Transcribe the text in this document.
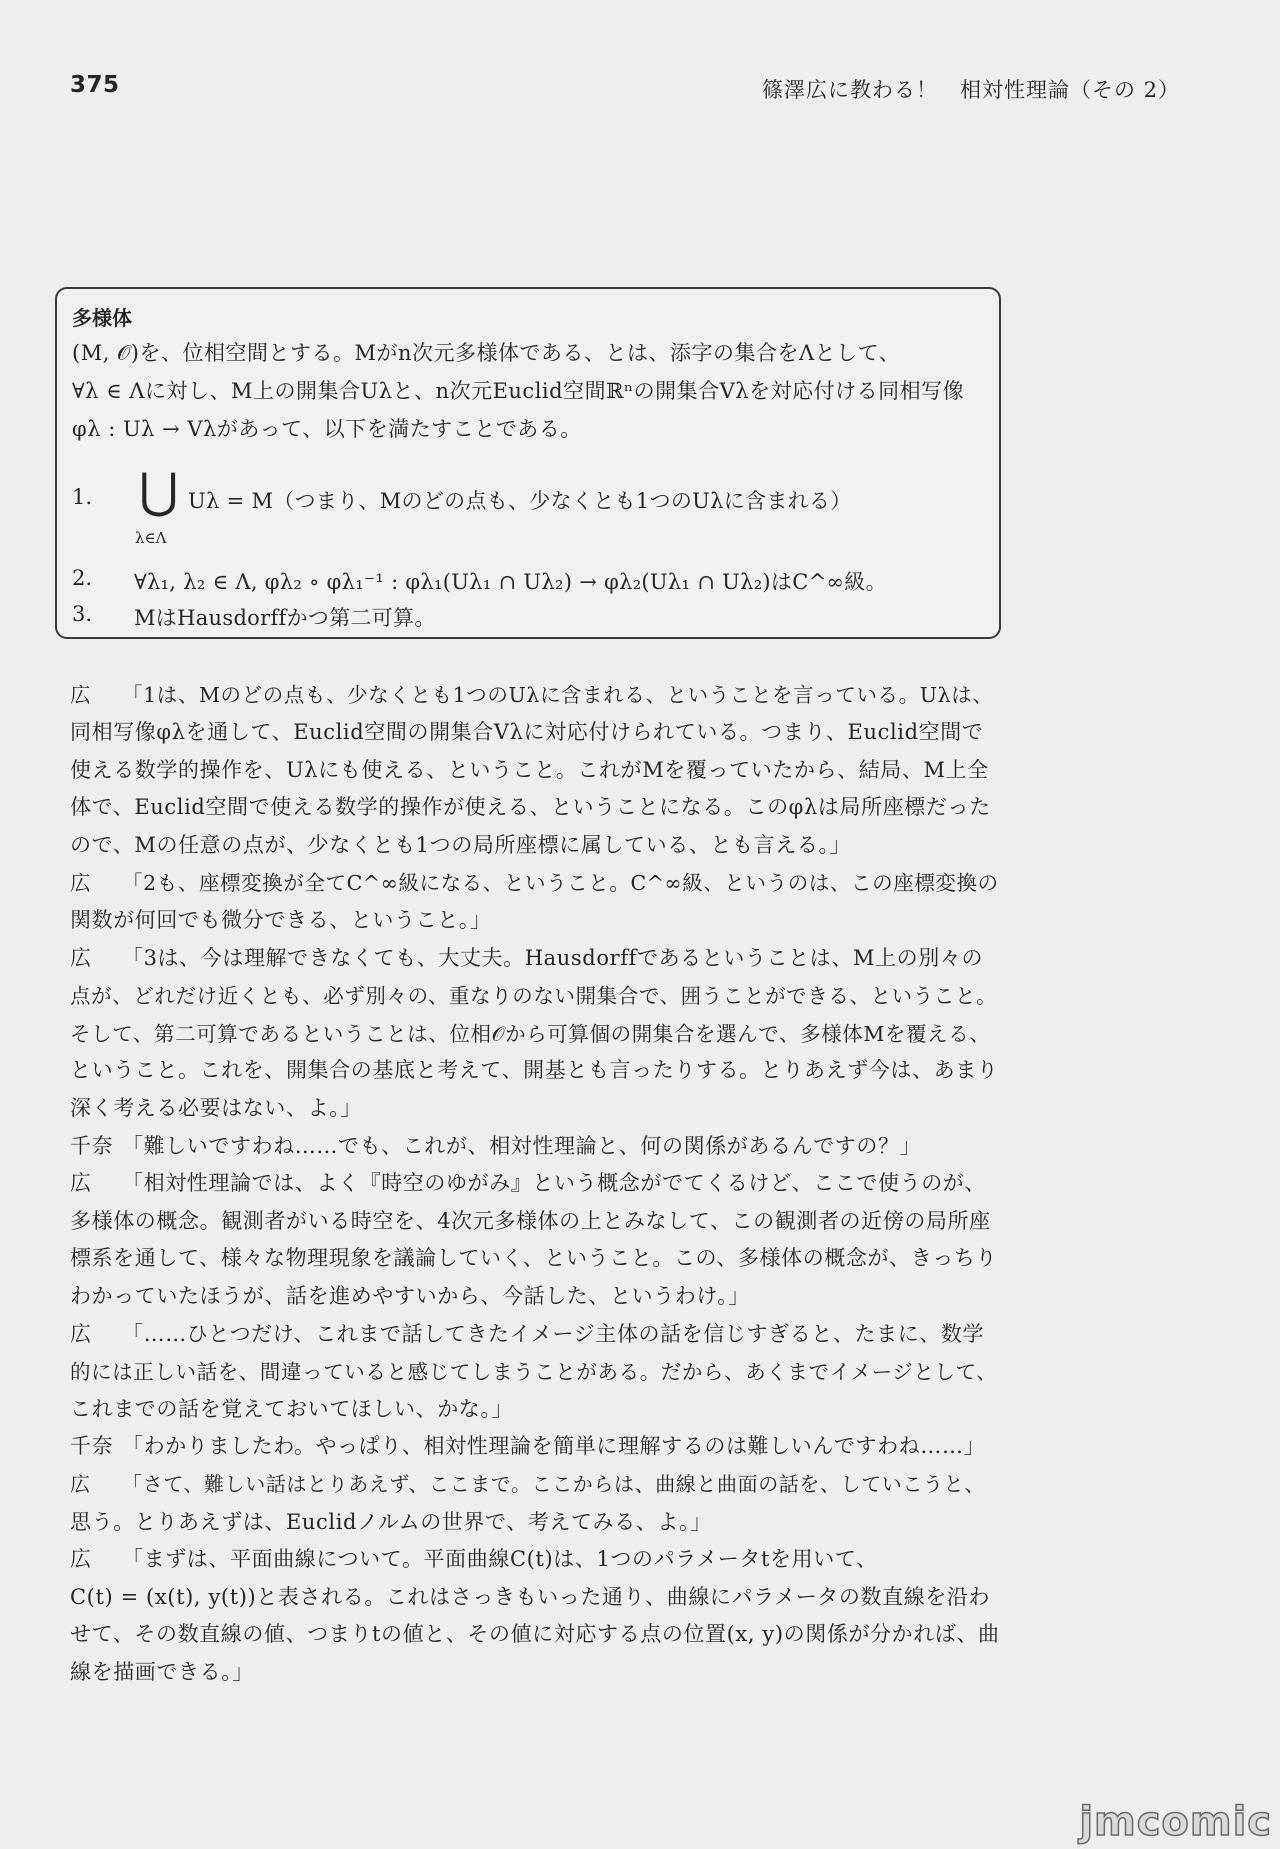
375	篠澤広に教わる！　相対性理論（その 2）
多様体
(M, 𝒪)を、位相空間とする。Mがn次元多様体である、とは、添字の集合をΛとして、
∀λ ∈ Λに対し、M上の開集合Uλと、n次元Euclid空間ℝⁿの開集合Vλを対応付ける同相写像
φλ : Uλ → Vλがあって、以下を満たすことである。
1. ⋃
λ∈Λ
Uλ = M（つまり、Mのどの点も、少なくとも1つのUλに含まれる）
2. ∀λ₁, λ₂ ∈ Λ, φλ₂ ∘ φλ₁⁻¹ : φλ₁(Uλ₁ ∩ Uλ₂) → φλ₂(Uλ₁ ∩ Uλ₂)はC^∞級。
3. MはHausdorffかつ第二可算。
広 「1は、Mのどの点も、少なくとも1つのUλに含まれる、ということを言っている。Uλは、
同相写像φλを通して、Euclid空間の開集合Vλに対応付けられている。つまり、Euclid空間で
使える数学的操作を、Uλにも使える、ということ。これがMを覆っていたから、結局、M上全
体で、Euclid空間で使える数学的操作が使える、ということになる。このφλは局所座標だった
ので、Mの任意の点が、少なくとも1つの局所座標に属している、とも言える。」
広 「2も、座標変換が全てC^∞級になる、ということ。C^∞級、というのは、この座標変換の
関数が何回でも微分できる、ということ。」
広 「3は、今は理解できなくても、大丈夫。Hausdorffであるということは、M上の別々の
点が、どれだけ近くとも、必ず別々の、重なりのない開集合で、囲うことができる、ということ。
そして、第二可算であるということは、位相𝒪から可算個の開集合を選んで、多様体Mを覆える、
ということ。これを、開集合の基底と考えて、開基とも言ったりする。とりあえず今は、あまり
深く考える必要はない、よ。」
千奈 「難しいですわね……でも、これが、相対性理論と、何の関係があるんですの？」
広 「相対性理論では、よく『時空のゆがみ』という概念がでてくるけど、ここで使うのが、
多様体の概念。観測者がいる時空を、4次元多様体の上とみなして、この観測者の近傍の局所座
標系を通して、様々な物理現象を議論していく、ということ。この、多様体の概念が、きっちり
わかっていたほうが、話を進めやすいから、今話した、というわけ。」
広 「……ひとつだけ、これまで話してきたイメージ主体の話を信じすぎると、たまに、数学
的には正しい話を、間違っていると感じてしまうことがある。だから、あくまでイメージとして、
これまでの話を覚えておいてほしい、かな。」
千奈 「わかりましたわ。やっぱり、相対性理論を簡単に理解するのは難しいんですわね……」
広 「さて、難しい話はとりあえず、ここまで。ここからは、曲線と曲面の話を、していこうと、
思う。とりあえずは、Euclidノルムの世界で、考えてみる、よ。」
広 「まずは、平面曲線について。平面曲線C(t)は、1つのパラメータtを用いて、
C(t) = (x(t), y(t))と表される。これはさっきもいった通り、曲線にパラメータの数直線を沿わ
せて、その数直線の値、つまりtの値と、その値に対応する点の位置(x, y)の関係が分かれば、曲
線を描画できる。」
jmcomic
